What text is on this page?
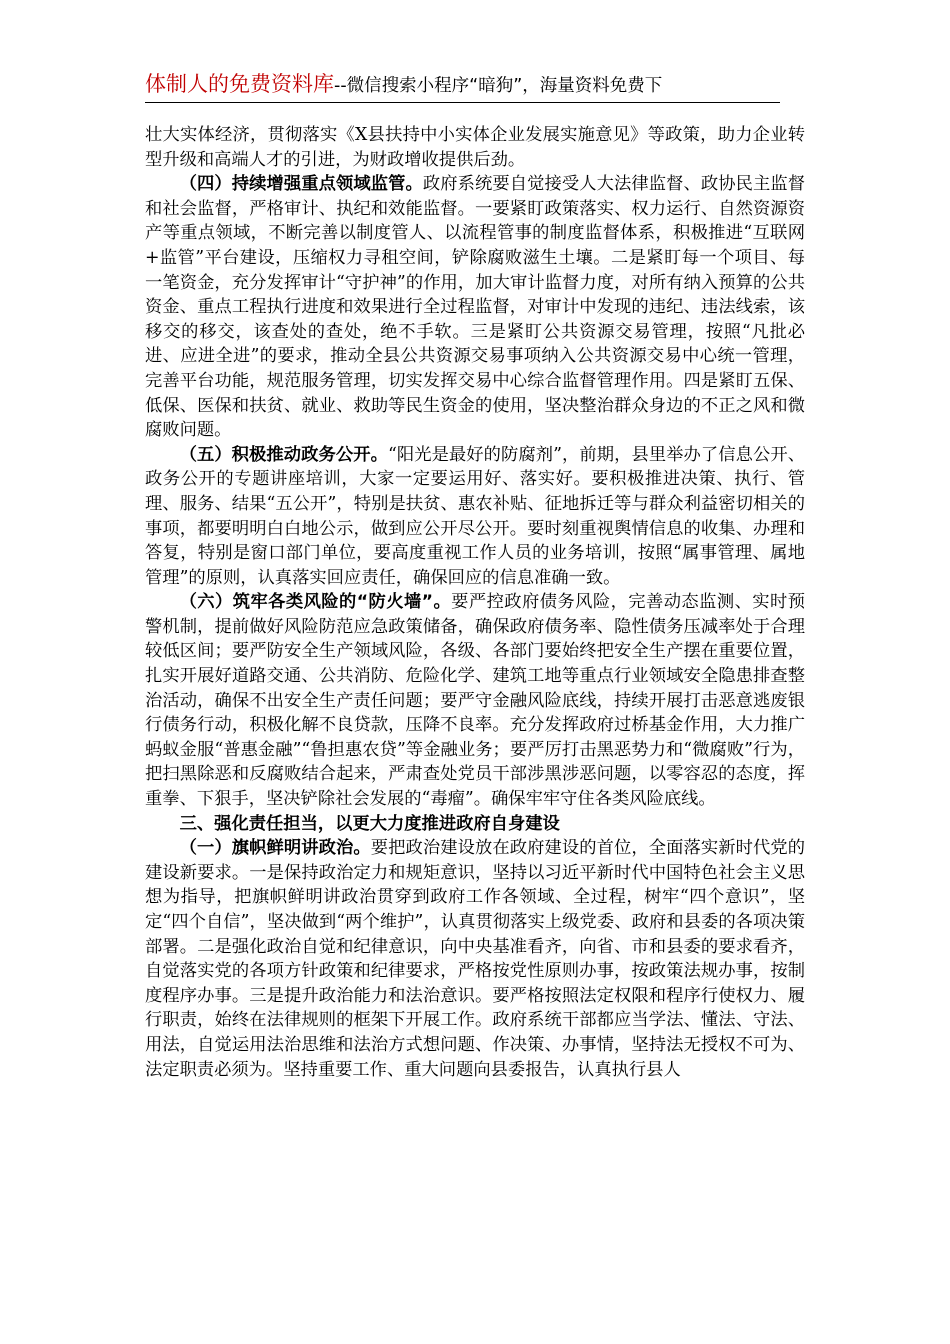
体制人的免费资料库--微信搜索小程序“暗狗”，海量资料免费下

壮大实体经济，贯彻落实《X县扶持中小实体企业发展实施意见》等政策，助力企业转型升级和高端人才的引进，为财政增收提供后劲。

（四）持续增强重点领域监管。政府系统要自觉接受人大法律监督、政协民主监督和社会监督，严格审计、执纪和效能监督。一要紧盯政策落实、权力运行、自然资源资产等重点领域，不断完善以制度管人、以流程管事的制度监督体系，积极推进“互联网+监管”平台建设，压缩权力寻租空间，铲除腐败滋生土壤。二是紧盯每一个项目、每一笔资金，充分发挥审计“守护神”的作用，加大审计监督力度，对所有纳入预算的公共资金、重点工程执行进度和效果进行全过程监督，对审计中发现的违纪、违法线索，该移交的移交，该查处的查处，绝不手软。三是紧盯公共资源交易管理，按照“凡批必进、应进全进”的要求，推动全县公共资源交易事项纳入公共资源交易中心统一管理，完善平台功能，规范服务管理，切实发挥交易中心综合监督管理作用。四是紧盯五保、低保、医保和扶贫、就业、救助等民生资金的使用，坚决整治群众身边的不正之风和微腐败问题。

（五）积极推动政务公开。“阳光是最好的防腐剂”，前期，县里举办了信息公开、政务公开的专题讲座培训，大家一定要运用好、落实好。要积极推进决策、执行、管理、服务、结果“五公开”，特别是扶贫、惠农补贴、征地拆迁等与群众利益密切相关的事项，都要明明白白地公示，做到应公开尽公开。要时刻重视舆情信息的收集、办理和答复，特别是窗口部门单位，要高度重视工作人员的业务培训，按照“属事管理、属地管理”的原则，认真落实回应责任，确保回应的信息准确一致。

（六）筑牢各类风险的“防火墙”。要严控政府债务风险，完善动态监测、实时预警机制，提前做好风险防范应急政策储备，确保政府债务率、隐性债务压减率处于合理较低区间；要严防安全生产领域风险，各级、各部门要始终把安全生产摆在重要位置，扎实开展好道路交通、公共消防、危险化学、建筑工地等重点行业领域安全隐患排查整治活动，确保不出安全生产责任问题；要严守金融风险底线，持续开展打击恶意逃废银行债务行动，积极化解不良贷款，压降不良率。充分发挥政府过桥基金作用，大力推广蚂蚁金服“普惠金融”“鲁担惠农贷”等金融业务；要严厉打击黑恶势力和“微腐败”行为，把扫黑除恶和反腐败结合起来，严肃查处党员干部涉黑涉恶问题，以零容忍的态度，挥重拳、下狠手，坚决铲除社会发展的“毒瘤”。确保牢牢守住各类风险底线。

三、强化责任担当，以更大力度推进政府自身建设

（一）旗帜鲜明讲政治。要把政治建设放在政府建设的首位，全面落实新时代党的建设新要求。一是保持政治定力和规矩意识，坚持以习近平新时代中国特色社会主义思想为指导，把旗帜鲜明讲政治贯穿到政府工作各领域、全过程，树牢“四个意识”，坚定“四个自信”，坚决做到“两个维护”，认真贯彻落实上级党委、政府和县委的各项决策部署。二是强化政治自觉和纪律意识，向中央基准看齐，向省、市和县委的要求看齐，自觉落实党的各项方针政策和纪律要求，严格按党性原则办事，按政策法规办事，按制度程序办事。三是提升政治能力和法治意识。要严格按照法定权限和程序行使权力、履行职责，始终在法律规则的框架下开展工作。政府系统干部都应当学法、懂法、守法、用法，自觉运用法治思维和法治方式想问题、作决策、办事情，坚持法无授权不可为、法定职责必须为。坚持重要工作、重大问题向县委报告，认真执行县人
